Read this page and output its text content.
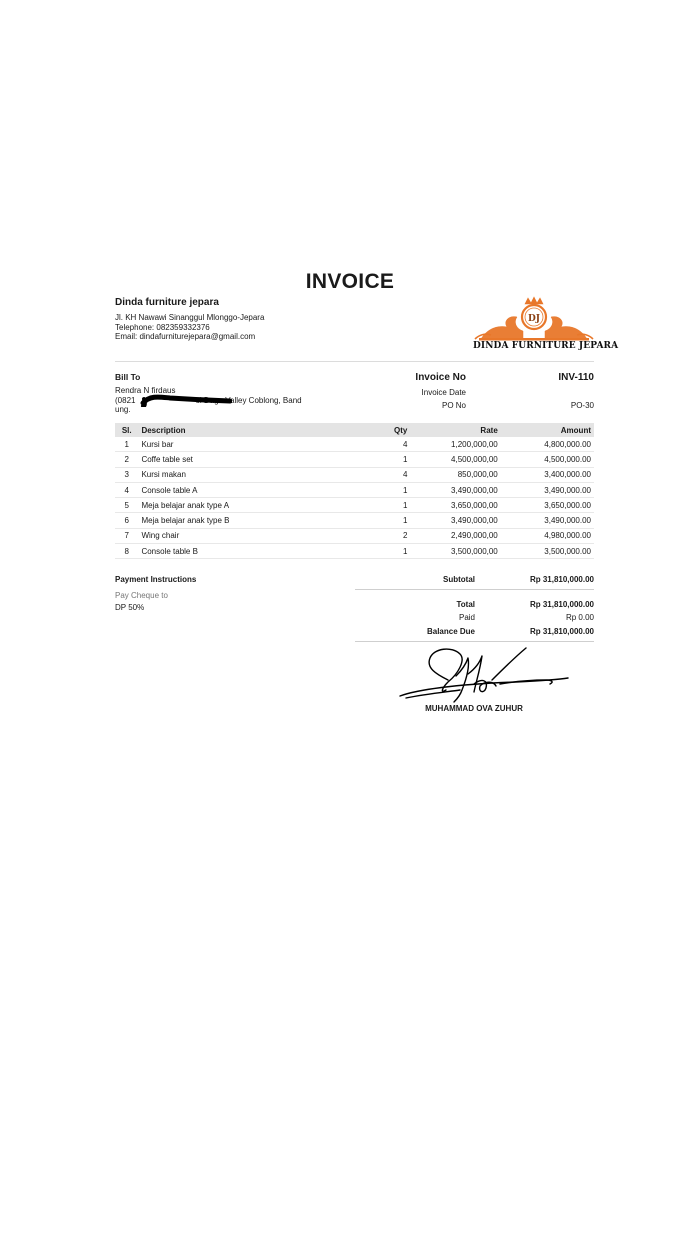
INVOICE
Dinda furniture jepara
Jl. KH Nawawi Sinanggul Mlonggo-Jepara
Telephone: 082359332376
Email: dindafurniturejepara@gmail.com
DJ
DINDA FURNITURE JEPARA
Bill To
Rendra N firdaus
(0821        ol Dago Valley Coblong, Band
ung.
Invoice No	INV-110
Invoice Date
PO No	PO-30
Sl.	Description	Qty	Rate	Amount
1	Kursi bar	4	1,200,000,00	4,800,000.00
2	Coffe table set	1	4,500,000,00	4,500,000.00
3	Kursi makan	4	850,000,00	3,400,000.00
4	Console table A	1	3,490,000,00	3,490,000.00
5	Meja belajar anak type A	1	3,650,000,00	3,650,000.00
6	Meja belajar anak type B	1	3,490,000,00	3,490,000.00
7	Wing chair	2	2,490,000,00	4,980,000.00
8	Console table B	1	3,500,000,00	3,500,000.00
Payment Instructions
Pay Cheque to
DP 50%
Subtotal	Rp 31,810,000.00
Total	Rp 31,810,000.00
Paid	Rp 0.00
Balance Due	Rp 31,810,000.00
MUHAMMAD OVA ZUHUR
